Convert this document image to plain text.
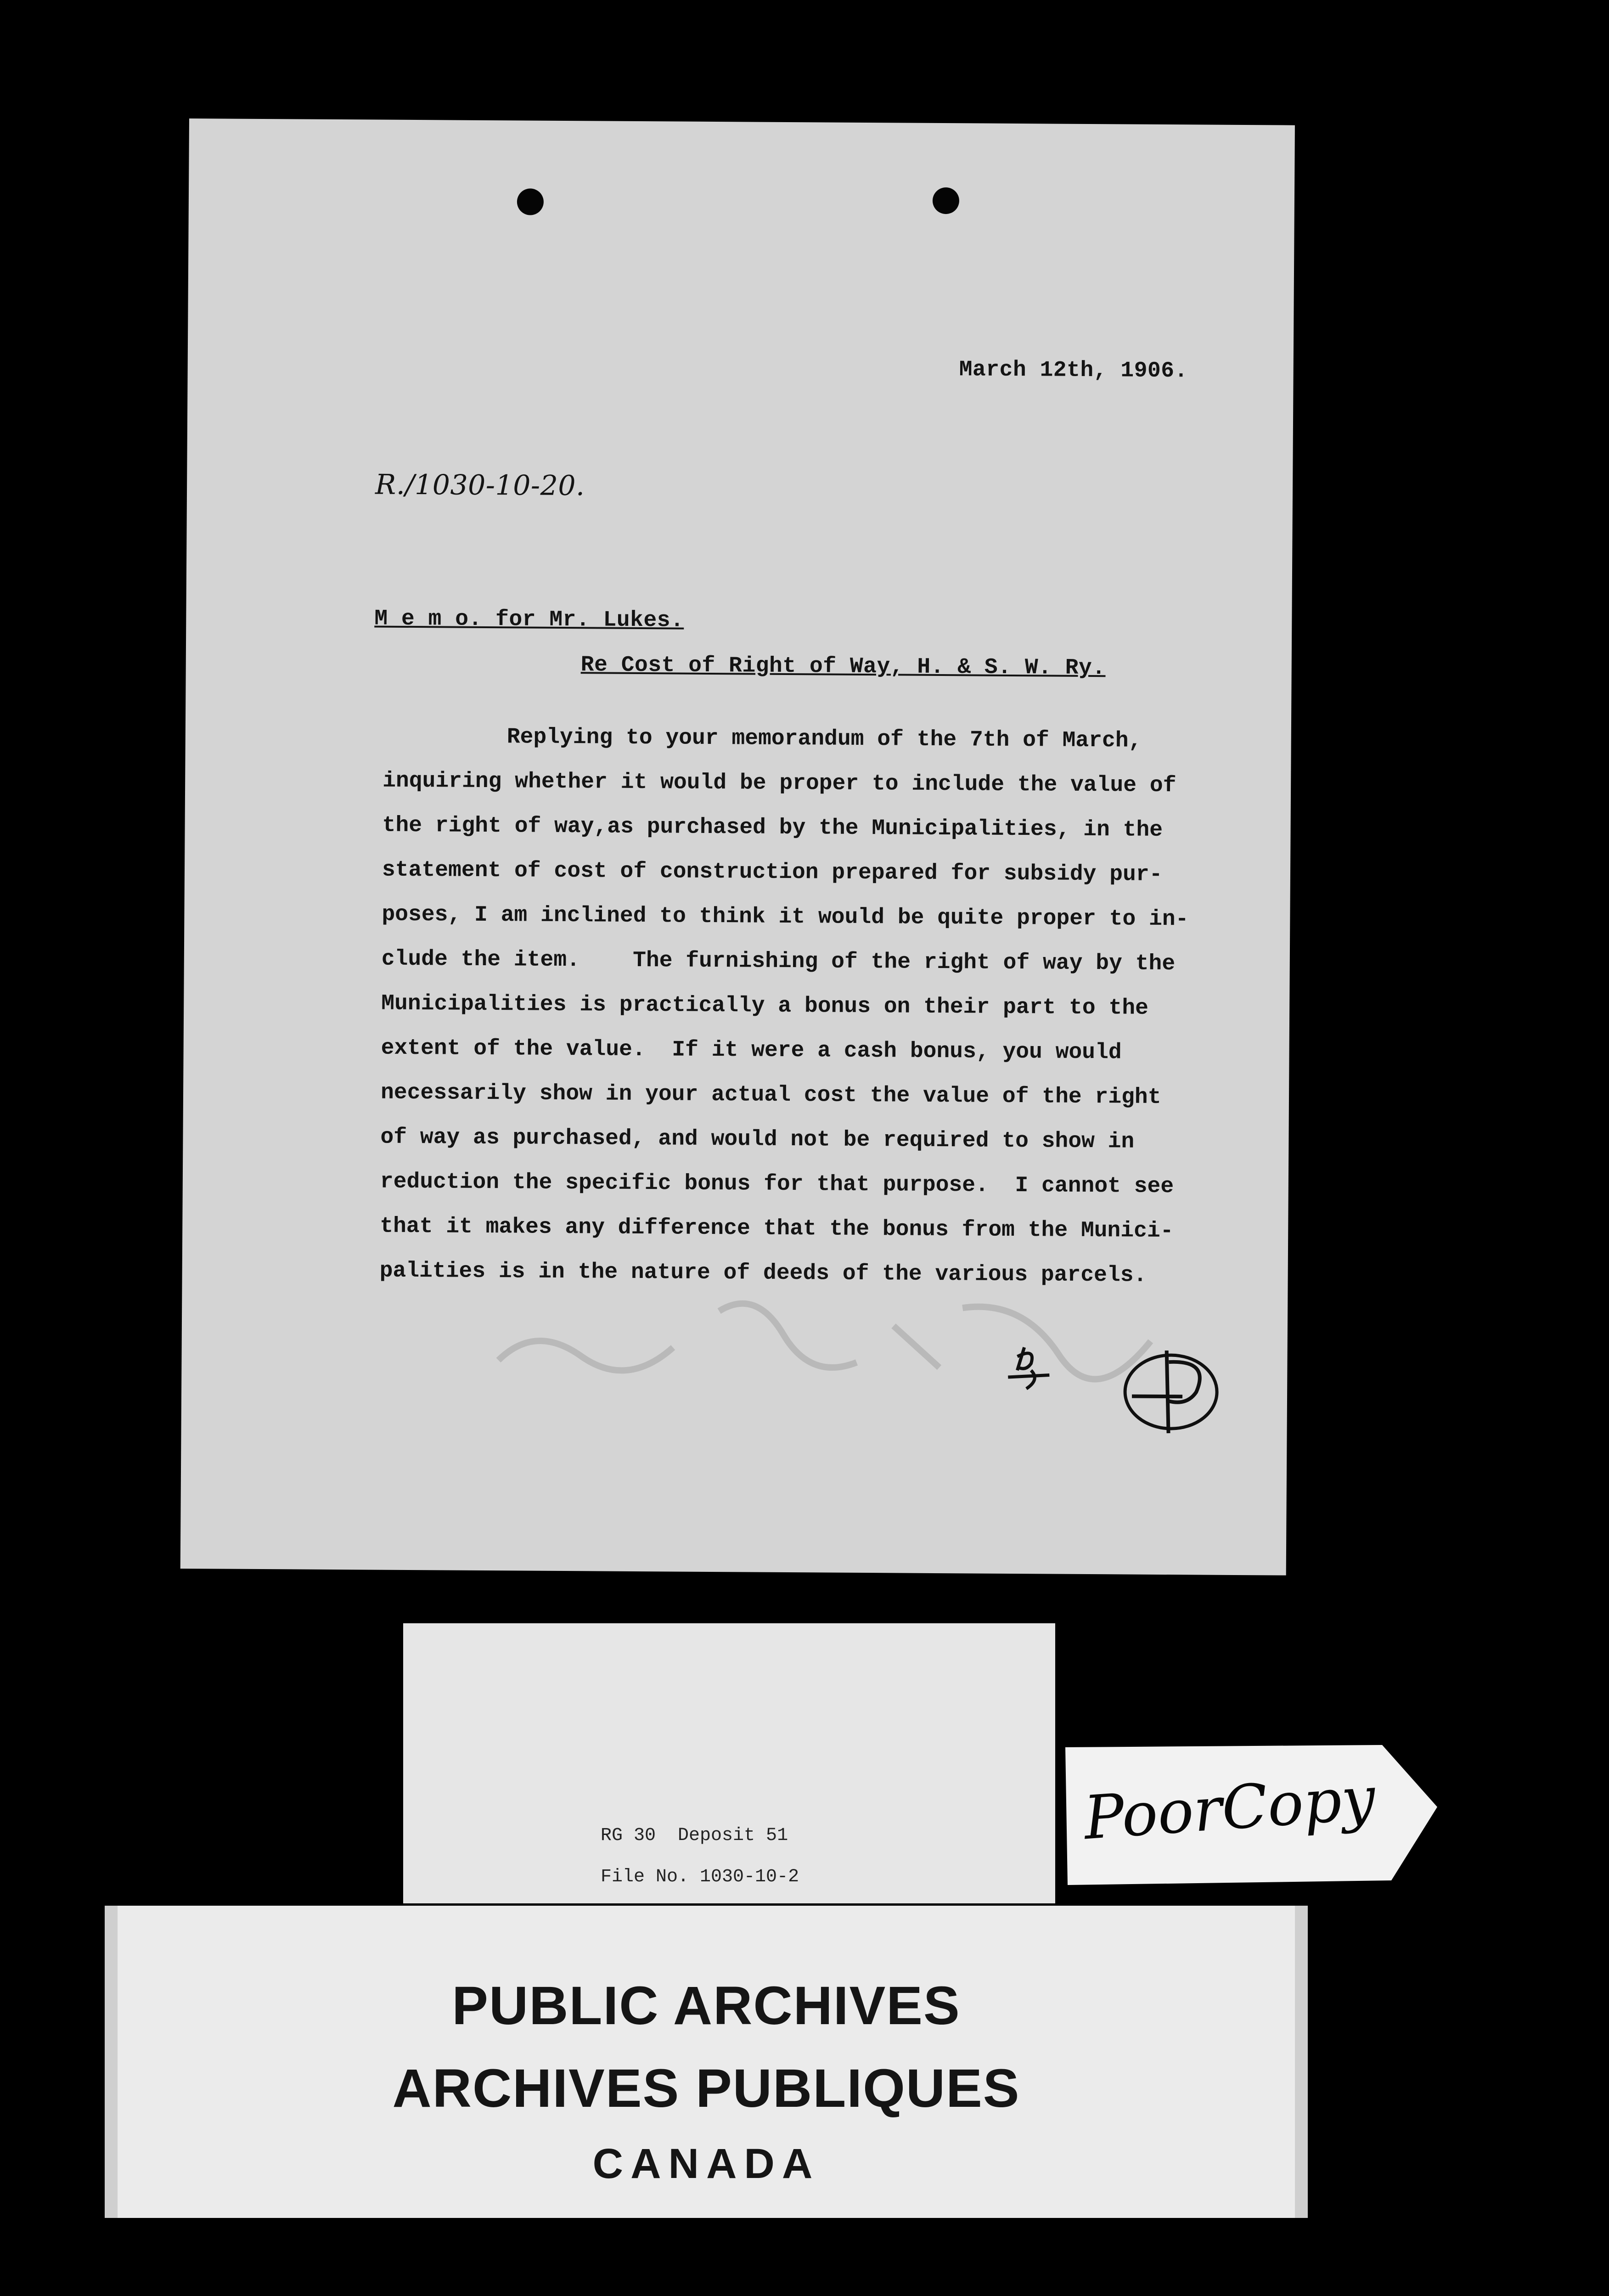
March 12th, 1906.
R./1030-10-20.
M e m o. for Mr. Lukes.
Re Cost of Right of Way, H. & S. W. Ry.
Replying to your memorandum of the 7th of March,
inquiring whether it would be proper to include the value of
the right of way,as purchased by the Municipalities, in the
statement of cost of construction prepared for subsidy pur-
poses, I am inclined to think it would be quite proper to in-
clude the item.    The furnishing of the right of way by the
Municipalities is practically a bonus on their part to the
extent of the value.  If it were a cash bonus, you would
necessarily show in your actual cost the value of the right
of way as purchased, and would not be required to show in
reduction the specific bonus for that purpose.  I cannot see
that it makes any difference that the bonus from the Munici-
palities is in the nature of deeds of the various parcels.
RG 30  Deposit 51
File No. 1030-10-2
PoorCopy
PUBLIC ARCHIVES
ARCHIVES PUBLIQUES
CANADA
